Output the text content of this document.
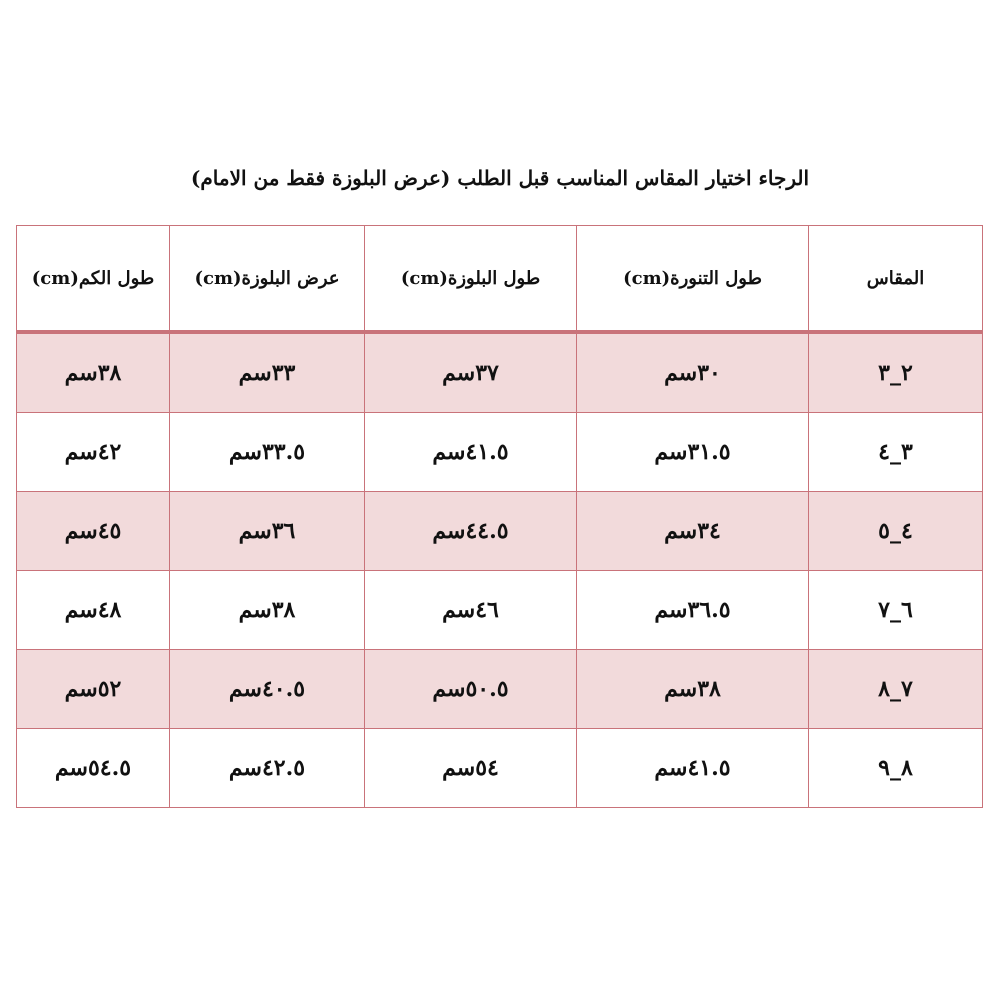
الرجاء اختيار المقاس المناسب قبل الطلب (عرض البلوزة فقط من الامام)
المقاس	طول التنورة(cm)	طول البلوزة(cm)	عرض البلوزة(cm)	طول الكم(cm)
٢_٣	٣٠سم	٣٧سم	٣٣سم	٣٨سم
٣_٤	٣١.٥سم	٤١.٥سم	٣٣.٥سم	٤٢سم
٤_٥	٣٤سم	٤٤.٥سم	٣٦سم	٤٥سم
٦_٧	٣٦.٥سم	٤٦سم	٣٨سم	٤٨سم
٧_٨	٣٨سم	٥٠.٥سم	٤٠.٥سم	٥٢سم
٨_٩	٤١.٥سم	٥٤سم	٤٢.٥سم	٥٤.٥سم
